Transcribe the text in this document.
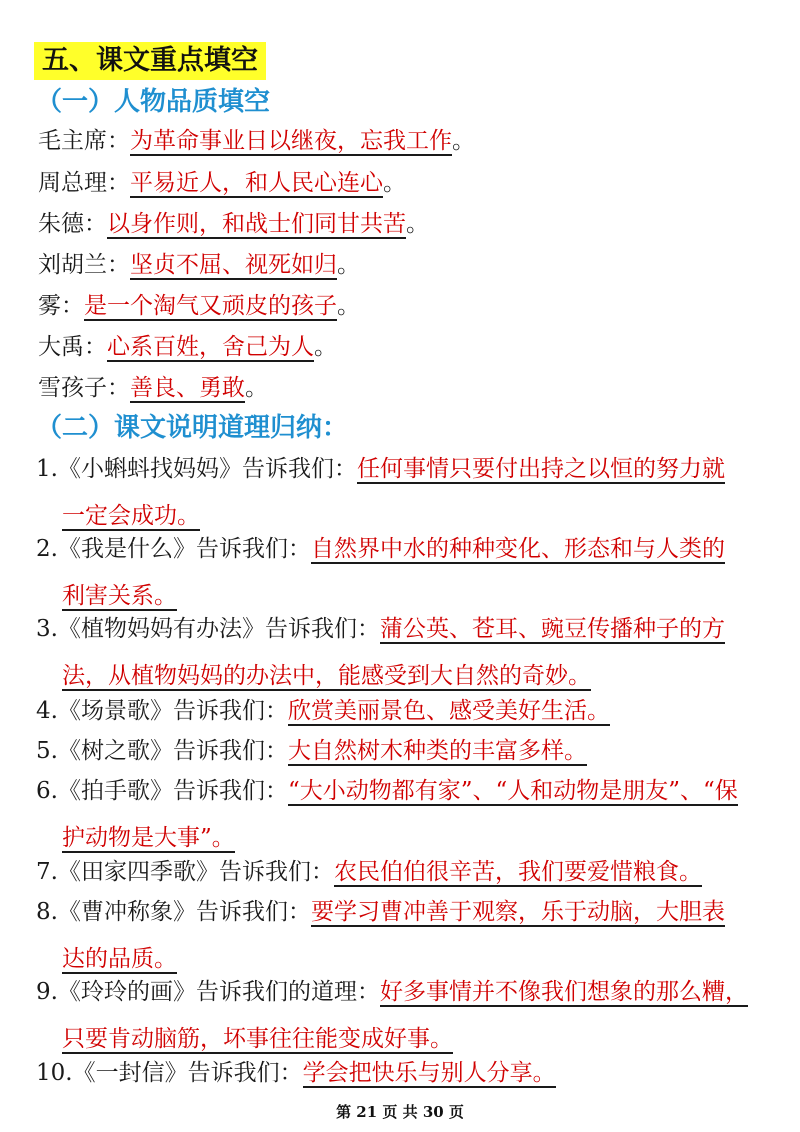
五、课文重点填空
（一）人物品质填空
毛主席：为革命事业日以继夜，忘我工作。
周总理：平易近人，和人民心连心。
朱德：以身作则，和战士们同甘共苦。
刘胡兰：坚贞不屈、视死如归。
雾：是一个淘气又顽皮的孩子。
大禹：心系百姓，舍己为人。
雪孩子：善良、勇敢。
（二）课文说明道理归纳：
1.《小蝌蚪找妈妈》告诉我们：任何事情只要付出持之以恒的努力就
一定会成功。
2.《我是什么》告诉我们：自然界中水的种种变化、形态和与人类的
利害关系。
3.《植物妈妈有办法》告诉我们：蒲公英、苍耳、豌豆传播种子的方
法，从植物妈妈的办法中，能感受到大自然的奇妙。
4.《场景歌》告诉我们：欣赏美丽景色、感受美好生活。
5.《树之歌》告诉我们：大自然树木种类的丰富多样。
6.《拍手歌》告诉我们：“大小动物都有家”、“人和动物是朋友”、“保
护动物是大事”。
7.《田家四季歌》告诉我们：农民伯伯很辛苦，我们要爱惜粮食。
8.《曹冲称象》告诉我们：要学习曹冲善于观察，乐于动脑，大胆表
达的品质。
9.《玲玲的画》告诉我们的道理：好多事情并不像我们想象的那么糟，
只要肯动脑筋，坏事往往能变成好事。
10.《一封信》告诉我们：学会把快乐与别人分享。
第 21 页 共 30 页
